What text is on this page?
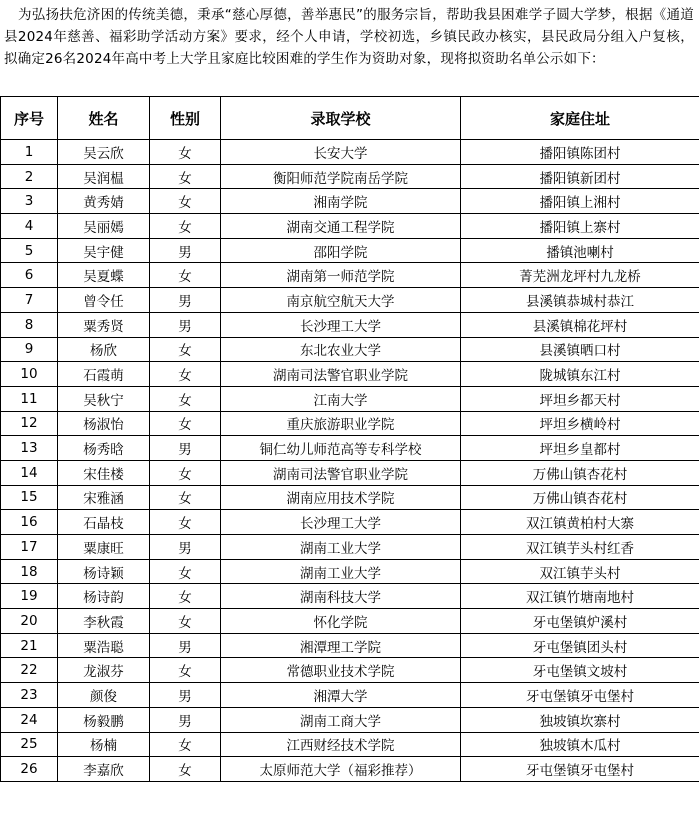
为弘扬扶危济困的传统美德，秉承“慈心厚德，善举惠民”的服务宗旨，帮助我县困难学子圆大学梦，根据《通道县2024年慈善、福彩助学活动方案》要求，经个人申请，学校初选，乡镇民政办核实，县民政局分组入户复核，拟确定26名2024年高中考上大学且家庭比较困难的学生作为资助对象，现将拟资助名单公示如下：
序号	姓名	性别	录取学校	家庭住址
1	吴云欣	女	长安大学	播阳镇陈团村
2	吴润榅	女	衡阳师范学院南岳学院	播阳镇新团村
3	黄秀婧	女	湘南学院	播阳镇上湘村
4	吴丽嫣	女	湖南交通工程学院	播阳镇上寨村
5	吴宇健	男	邵阳学院	播镇池喇村
6	吴夏蝶	女	湖南第一师范学院	菁芜洲龙坪村九龙桥
7	曾令任	男	南京航空航天大学	县溪镇恭城村恭江
8	粟秀贤	男	长沙理工大学	县溪镇棉花坪村
9	杨欣	女	东北农业大学	县溪镇晒口村
10	石霞萌	女	湖南司法警官职业学院	陇城镇东江村
11	吴秋宁	女	江南大学	坪坦乡都天村
12	杨淑怡	女	重庆旅游职业学院	坪坦乡横岭村
13	杨秀晗	男	铜仁幼儿师范高等专科学校	坪坦乡皇都村
14	宋佳楼	女	湖南司法警官职业学院	万佛山镇杏花村
15	宋雅涵	女	湖南应用技术学院	万佛山镇杏花村
16	石晶枝	女	长沙理工大学	双江镇黄柏村大寨
17	粟康旺	男	湖南工业大学	双江镇芋头村红香
18	杨诗颖	女	湖南工业大学	双江镇芋头村
19	杨诗韵	女	湖南科技大学	双江镇竹塘南地村
20	李秋霞	女	怀化学院	牙屯堡镇炉溪村
21	粟浩聪	男	湘潭理工学院	牙屯堡镇团头村
22	龙淑芬	女	常德职业技术学院	牙屯堡镇文坡村
23	颜俊	男	湘潭大学	牙屯堡镇牙屯堡村
24	杨毅鹏	男	湖南工商大学	独坡镇坎寨村
25	杨楠	女	江西财经技术学院	独坡镇木瓜村
26	李嘉欣	女	太原师范大学（福彩推荐）	牙屯堡镇牙屯堡村
